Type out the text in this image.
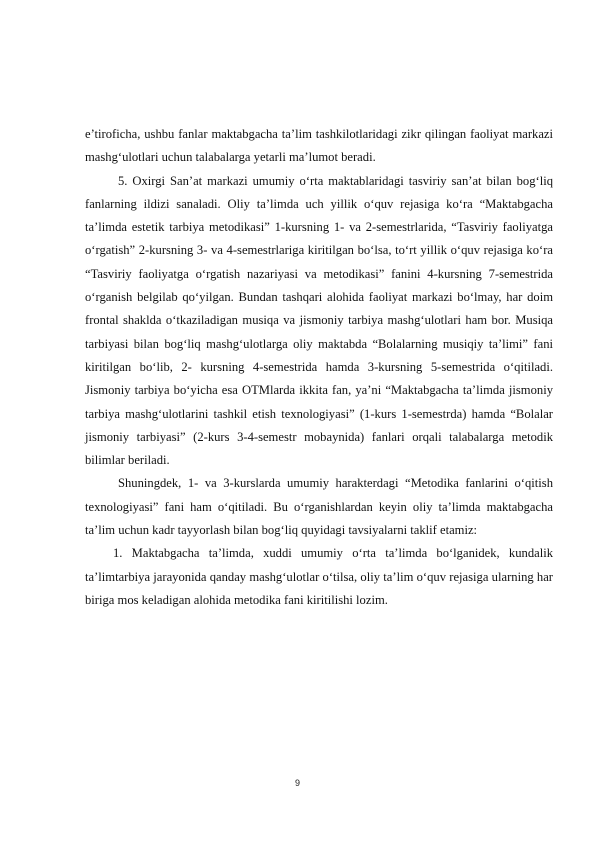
e’tirofiсha, ushbu fanlar maktabgacha ta’lim tashkilotlaridagi zikr qilingan faoliyat markazi mashg‘ulotlari uchun talabalarga yetarli ma’lumot beradi.

5. Oxirgi San’at markazi umumiy o‘rta maktablaridagi tasviriy san’at bilan bog‘liq fanlarning ildizi sanaladi. Oliy ta’limda uch yillik o‘quv rejasiga ko‘ra “Maktabgacha ta’limda estetik tarbiya metodikasi” 1-kursning 1- va 2-semestrlarida, “Tasviriy faoliyatga o‘rgatish” 2-kursning 3- va 4-semestrlariga kiritilgan bo‘lsa, to‘rt yillik o‘quv rejasiga ko‘ra “Tasviriy faoliyatga o‘rgatish nazariyasi va metodikasi” fanini 4-kursning 7-semestrida o‘rganish belgilab qo‘yilgan. Bundan tashqari alohida faoliyat markazi bo‘lmay, har doim frontal shaklda o‘tkaziladigan musiqa va jismoniy tarbiya mashg‘ulotlari ham bor. Musiqa tarbiyasi bilan bog‘liq mashg‘ulotlarga oliy maktabda “Bolalarning musiqiy ta’limi” fani kiritilgan bo‘lib, 2- kursning 4-semestrida hamda 3-kursning 5-semestrida o‘qitiladi. Jismoniy tarbiya bo‘yicha esa OTMlarda ikkita fan, ya’ni “Maktabgacha ta’limda jismoniy tarbiya mashg‘ulotlarini tashkil etish texnologiyasi” (1-kurs 1-semestrda) hamda “Bolalar jismoniy tarbiyasi” (2-kurs 3-4-semestr mobaynida) fanlari orqali talabalarga metodik bilimlar beriladi.

Shuningdek, 1- va 3-kurslarda umumiy harakterdagi “Metodika fanlarini o‘qitish texnologiyasi” fani ham o‘qitiladi. Bu o‘rganishlardan keyin oliy ta’limda maktabgacha ta’lim uchun kadr tayyorlash bilan bog‘liq quyidagi tavsiyalarni taklif etamiz:

1. Maktabgacha ta’limda, xuddi umumiy o‘rta ta’limda bo‘lganidek, kundalik ta’limtarbiya jarayonida qanday mashg‘ulotlar o‘tilsa, oliy ta’lim o‘quv rejasiga ularning har biriga mos keladigan alohida metodika fani kiritilishi lozim.

9
